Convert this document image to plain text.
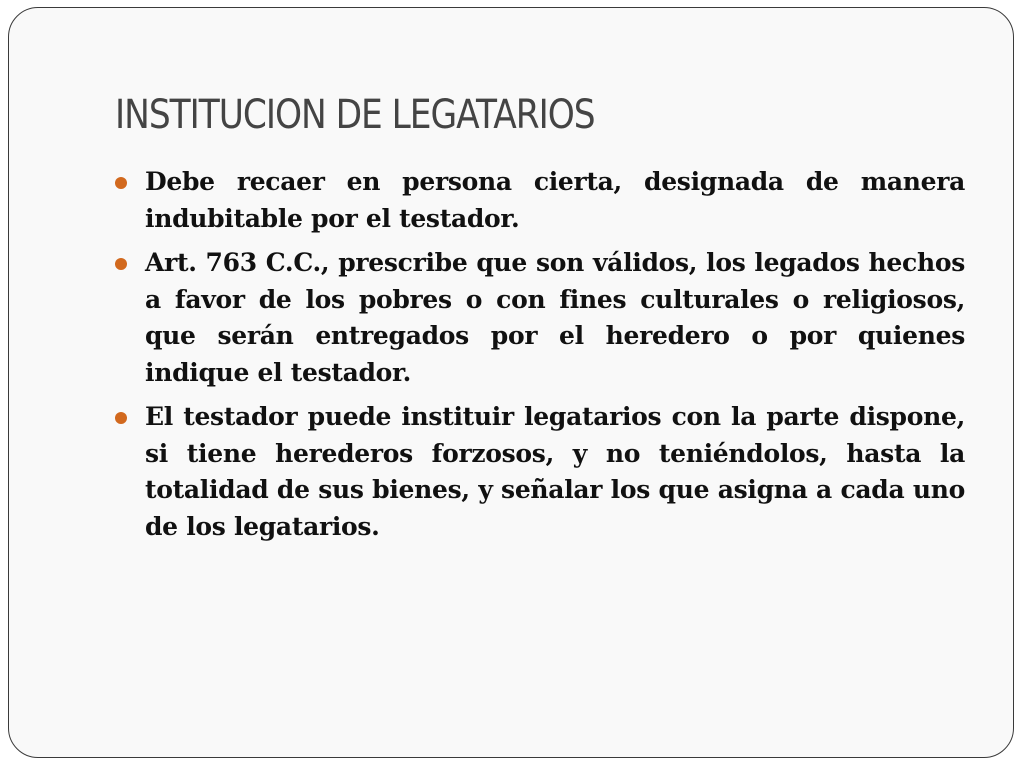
INSTITUCION DE LEGATARIOS
Debe recaer en persona cierta, designada de manera indubitable por el testador.
Art. 763 C.C., prescribe que son válidos, los legados hechos a favor de los pobres o con fines culturales o religiosos, que serán entregados por el heredero o por quienes indique el testador.
El testador puede instituir legatarios con la parte dispone, si tiene herederos forzosos, y no teniéndolos, hasta la totalidad de sus bienes, y señalar los que asigna a cada uno de los legatarios.
